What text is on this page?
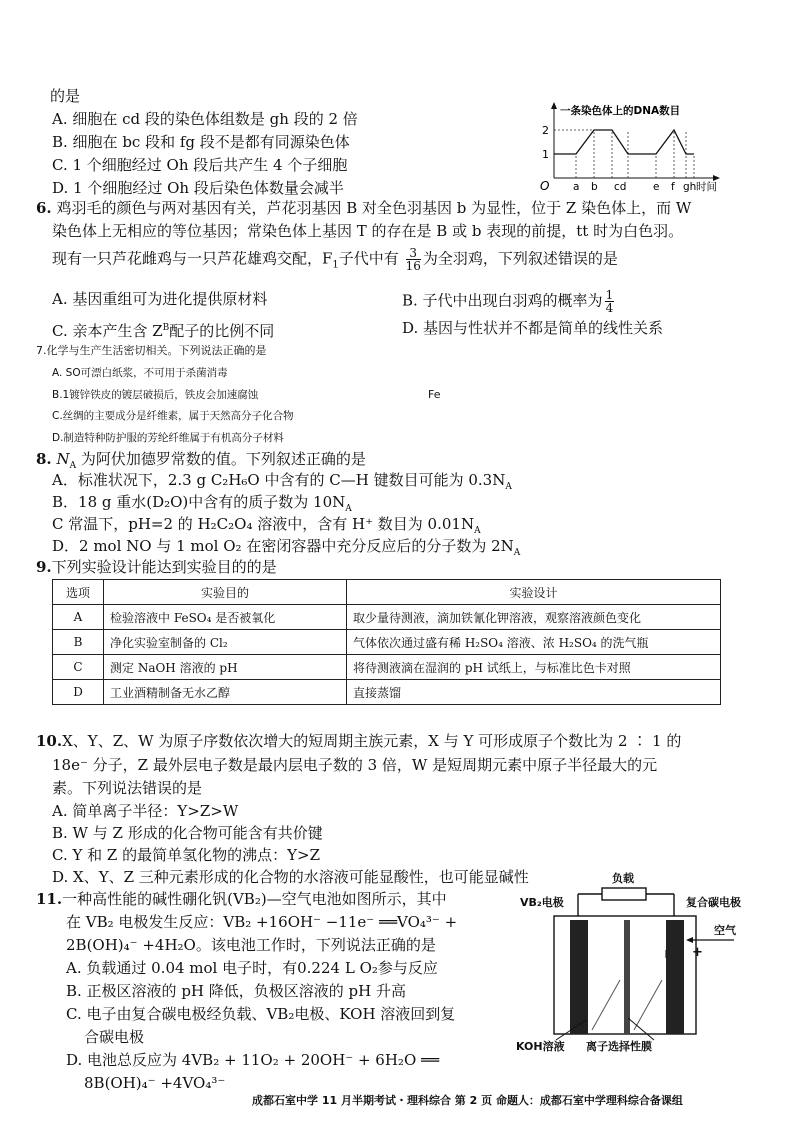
的是
A. 细胞在 cd 段的染色体组数是 gh 段的 2 倍
B. 细胞在 bc 段和 fg 段不是都有同源染色体
C. 1 个细胞经过 Oh 段后共产生 4 个子细胞
D. 1 个细胞经过 Oh 段后染色体数量会减半
一条染色体上的DNA数目
1
2
O a b cd	e f gh 时间
6. 鸡羽毛的颜色与两对基因有关，芦花羽基因 B 对全色羽基因 b 为显性，位于 Z 染色体上，而 W
染色体上无相应的等位基因；常染色体上基因 T 的存在是 B 或 b 表现的前提，tt 时为白色羽。
现有一只芦花雌鸡与一只芦花雄鸡交配，$F_1$子代中有 $\frac{3}{16}$ 为全羽鸡，下列叙述错误的是
A. 基因重组可为进化提供原材料	B. 子代中出现白羽鸡的概率为 $\frac{1}{4}$
C. 亲本产生含 $Z^B$配子的比例不同	D. 基因与性状并不都是简单的线性关系
7.化学与生产生活密切相关。下列说法正确的是
A. SO可漂白纸浆，不可用于杀菌消毒
B.1镀锌铁皮的镀层破损后，铁皮会加速腐蚀	Fe
C.丝绸的主要成分是纤维素，属于天然高分子化合物
D.制造特种防护服的芳纶纤维属于有机高分子材料
8. $N_A$ 为阿伏加德罗常数的值。下列叙述正确的是
A．标准状况下，2.3 g C₂H₆O 中含有的 C—H 键数目可能为 $0.3N_A$
B．18 g 重水(D₂O)中含有的质子数为 $10N_A$
C 常温下，pH=2 的 H₂C₂O₄ 溶液中，含有 H⁺ 数目为 $0.01N_A$
D．2 mol NO 与 1 mol O₂ 在密闭容器中充分反应后的分子数为 $2N_A$
9.下列实验设计能达到实验目的的是
选项	实验目的	实验设计
A	检验溶液中 FeSO₄ 是否被氧化	取少量待测液，滴加铁氰化钾溶液，观察溶液颜色变化
B	净化实验室制备的 Cl₂	气体依次通过盛有稀 H₂SO₄ 溶液、浓 H₂SO₄ 的洗气瓶
C	测定 NaOH 溶液的 pH	将待测液滴在湿润的 pH 试纸上，与标准比色卡对照
D	工业酒精制备无水乙醇	直接蒸馏
10.X、Y、Z、W 为原子序数依次增大的短周期主族元素，X 与 Y 可形成原子个数比为 2 ∶ 1 的
18e⁻ 分子，Z 最外层电子数是最内层电子数的 3 倍，W 是短周期元素中原子半径最大的元
素。下列说法错误的是
A. 简单离子半径：Y>Z>W
B. W 与 Z 形成的化合物可能含有共价键
C. Y 和 Z 的最简单氢化物的沸点：Y>Z
D. X、Y、Z 三种元素形成的化合物的水溶液可能显酸性，也可能显碱性
11.一种高性能的碱性硼化钒(VB₂)—空气电池如图所示，其中
在 VB₂ 电极发生反应：VB₂ +16OH⁻ −11e⁻ ══VO₄³⁻ +
2B(OH)₄⁻ +4H₂O。该电池工作时，下列说法正确的是
A. 负载通过 0.04 mol 电子时，有0.224 L O₂参与反应
B. 正极区溶液的 pH 降低，负极区溶液的 pH 升高
C. 电子由复合碳电极经负载、VB₂电极、KOH 溶液回到复
合碳电极
D. 电池总反应为 4VB₂ + 11O₂ + 20OH⁻ + 6H₂O ══
8B(OH)₄⁻ +4VO₄³⁻
负载
VB₂电极	复合碳电极
空气
+
KOH溶液 离子选择性膜
成都石室中学 11 月半期考试・理科综合 第 2 页 命题人：成都石室中学理科综合备课组
